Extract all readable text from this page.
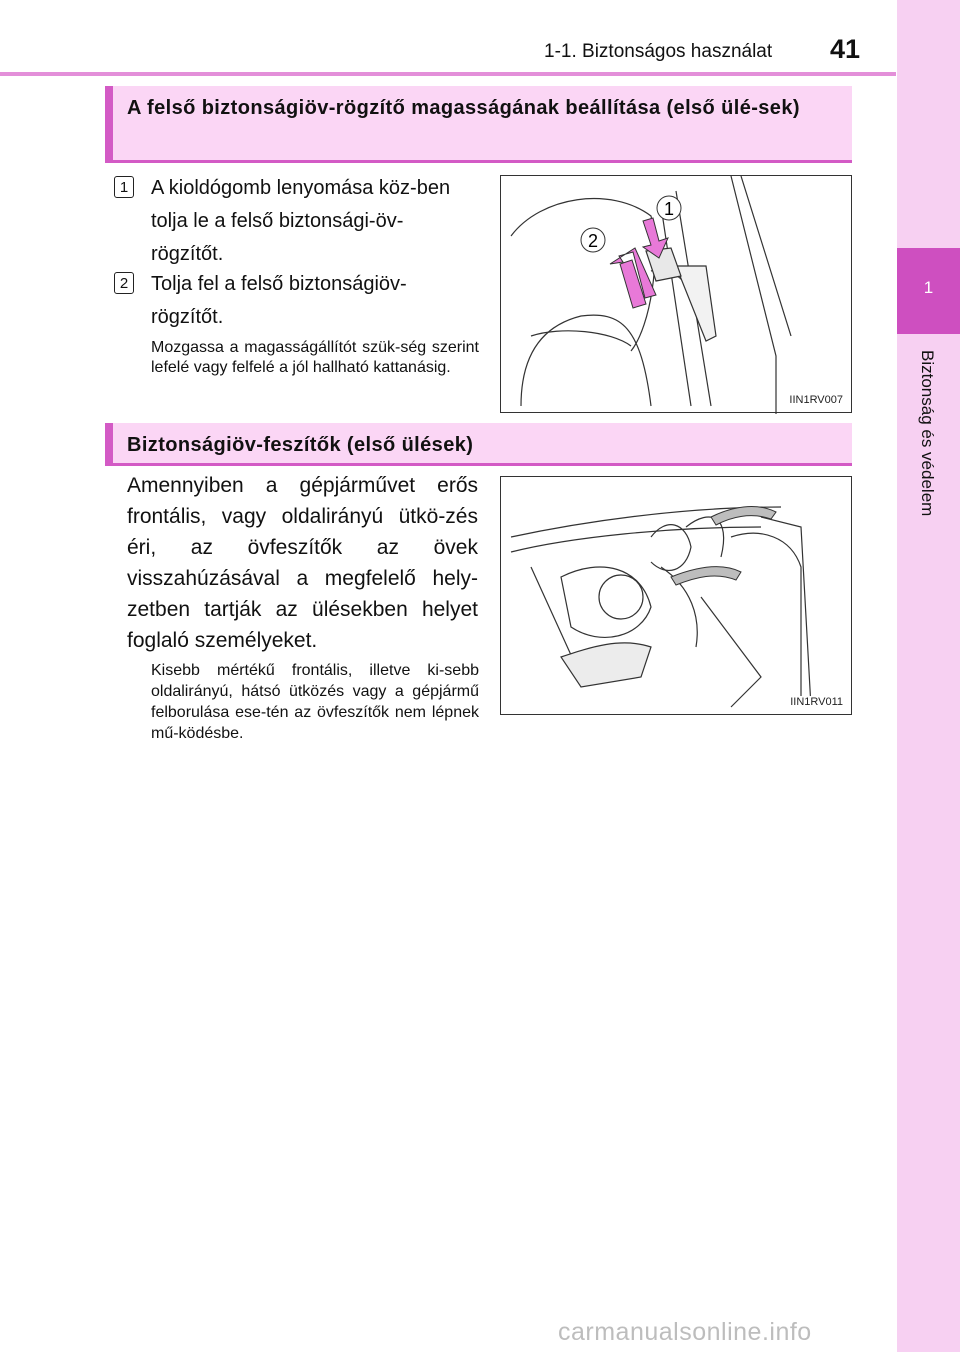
1-1. Biztonságos használat 41
1
Biztonság és védelem
A felső biztonságiöv-rögzítő magasságának beállítása (első ülé-sek)
1 A kioldógomb lenyomása köz-ben tolja le a felső biztonsági-öv-rögzítőt.
2 Tolja fel a felső biztonságiöv-rögzítőt.
Mozgassa a magasságállítót szük-ség szerint lefelé vagy felfelé a jól hallható kattanásig.
1
2
IIN1RV007
Biztonságiöv-feszítők (első ülések)
Amennyiben a gépjárművet erős frontális, vagy oldalirányú ütkö-zés éri, az övfeszítők az övek visszahúzásával a megfelelő hely-zetben tartják az ülésekben helyet foglaló személyeket.
Kisebb mértékű frontális, illetve ki-sebb oldalirányú, hátsó ütközés vagy a gépjármű felborulása ese-tén az övfeszítők nem lépnek mű-ködésbe.
IIN1RV011
carmanualsonline.info
